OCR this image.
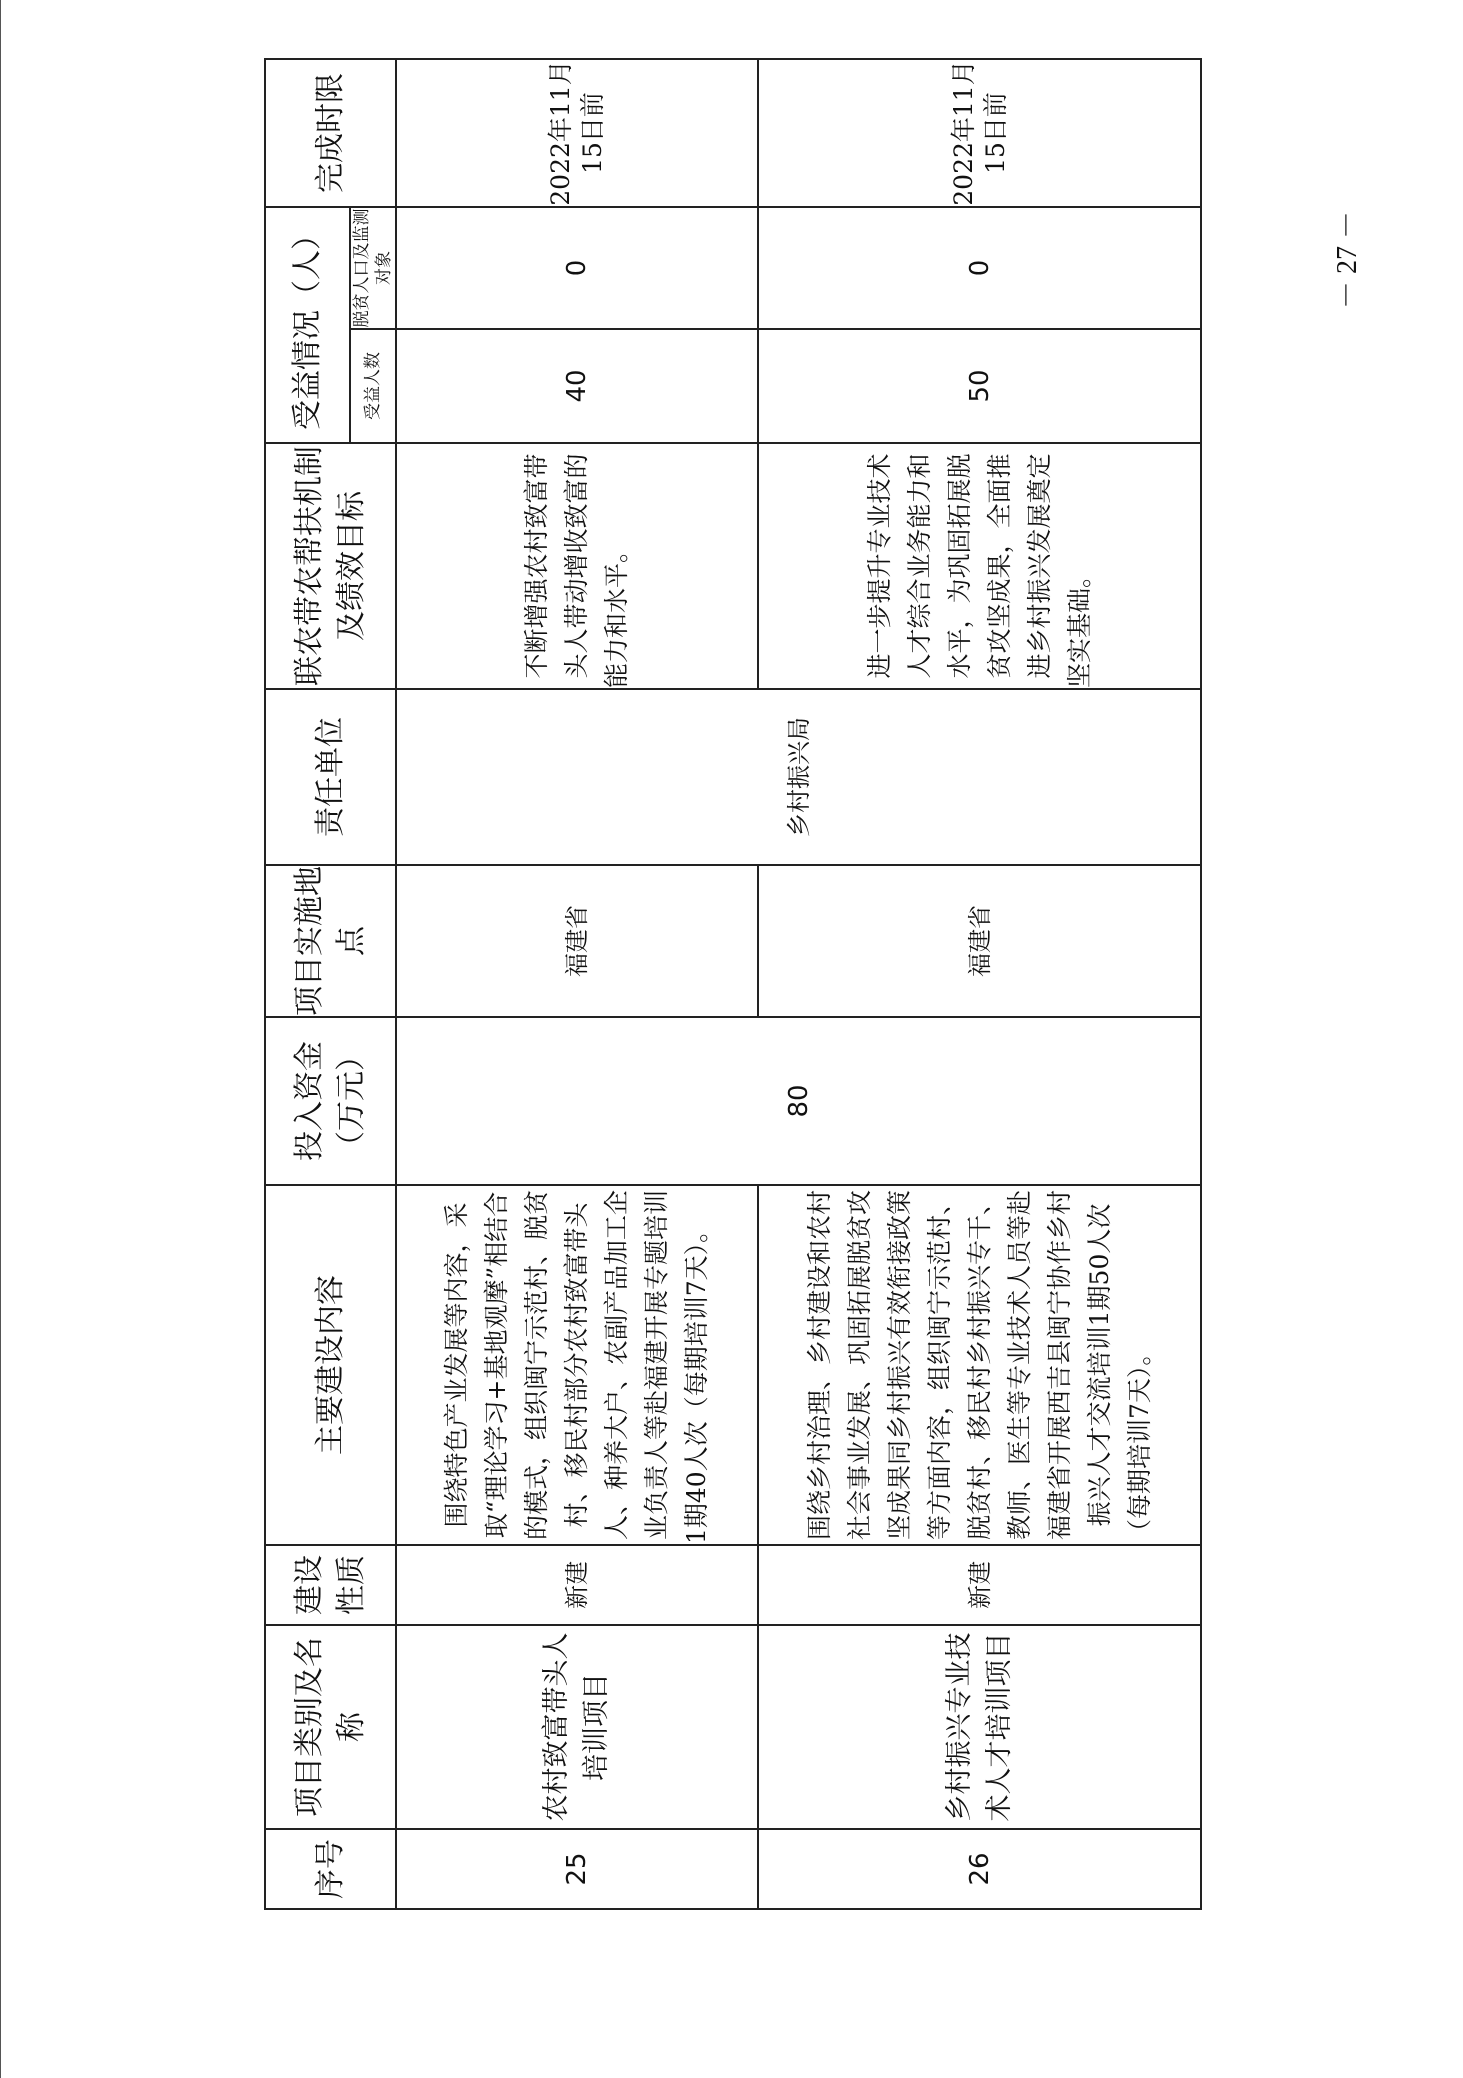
序号	项目类别及名称	建设性质	主要建设内容	投入资金（万元）	项目实施地点	责任单位	联农带农帮扶机制及绩效目标	受益情况（人）		完成时限
								受益人数	脱贫人口及监测对象	
25	农村致富带头人培训项目	新建	围绕特色产业发展等内容，采取“理论学习+基地观摩”相结合的模式，组织闽宁示范村、脱贫村、移民村部分农村致富带头人、种养大户、农副产品加工企业负责人等赴福建开展专题培训1期40人次（每期培训7天）。	80	福建省	乡村振兴局	不断增强农村致富带头人带动增收致富的能力和水平。	40	0	2022年11月15日前
26	乡村振兴专业技术人才培训项目	新建	围绕乡村治理、乡村建设和农村社会事业发展、巩固拓展脱贫攻坚成果同乡村振兴有效衔接政策等方面内容，组织闽宁示范村、脱贫村、移民村乡村振兴专干、教师、医生等专业技术人员等赴福建省开展西吉县闽宁协作乡村振兴人才交流培训1期50人次（每期培训7天）。		福建省		进一步提升专业技术人才综合业务能力和水平，为巩固拓展脱贫攻坚成果，全面推进乡村振兴发展奠定坚实基础。	50	0	2022年11月15日前
－ 27 －
